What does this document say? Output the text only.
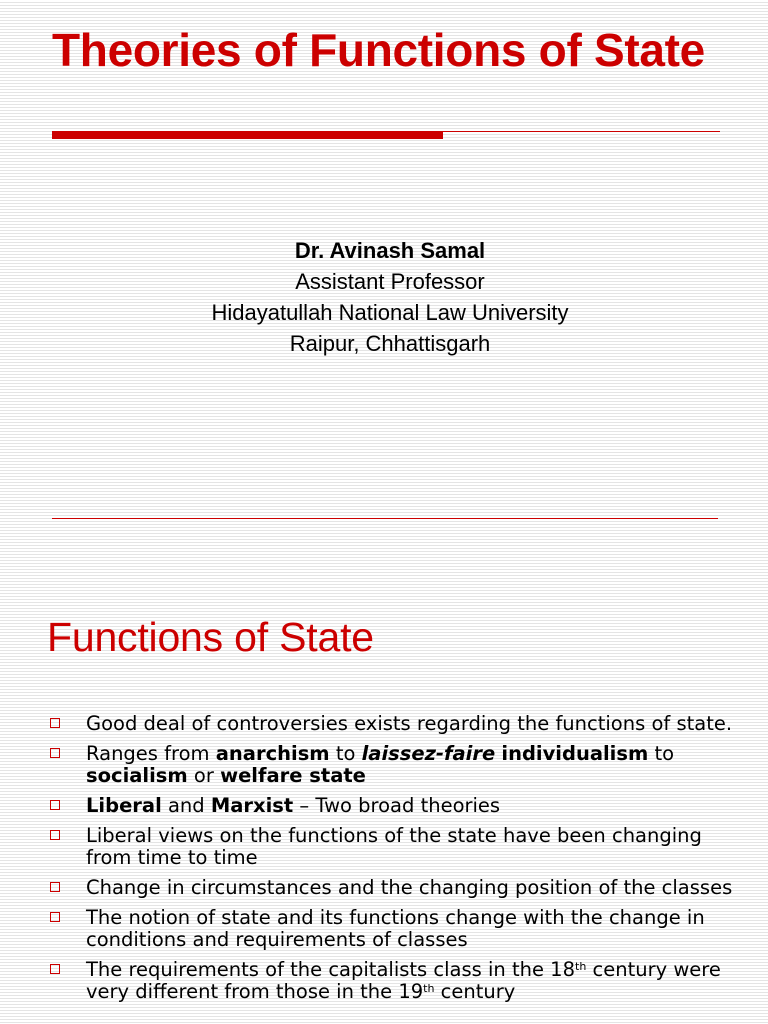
Theories of Functions of State
Dr. Avinash Samal
Assistant Professor
Hidayatullah National Law University
Raipur, Chhattisgarh
Functions of State
Good deal of controversies exists regarding the functions of state.
Ranges from anarchism to laissez-faire individualism to socialism or welfare state
Liberal and Marxist – Two broad theories
Liberal views on the functions of the state have been changing from time to time
Change in circumstances and the changing position of the classes
The notion of state and its functions change with the change in conditions and requirements of classes
The requirements of the capitalists class in the 18th century were very different from those in the 19th century
